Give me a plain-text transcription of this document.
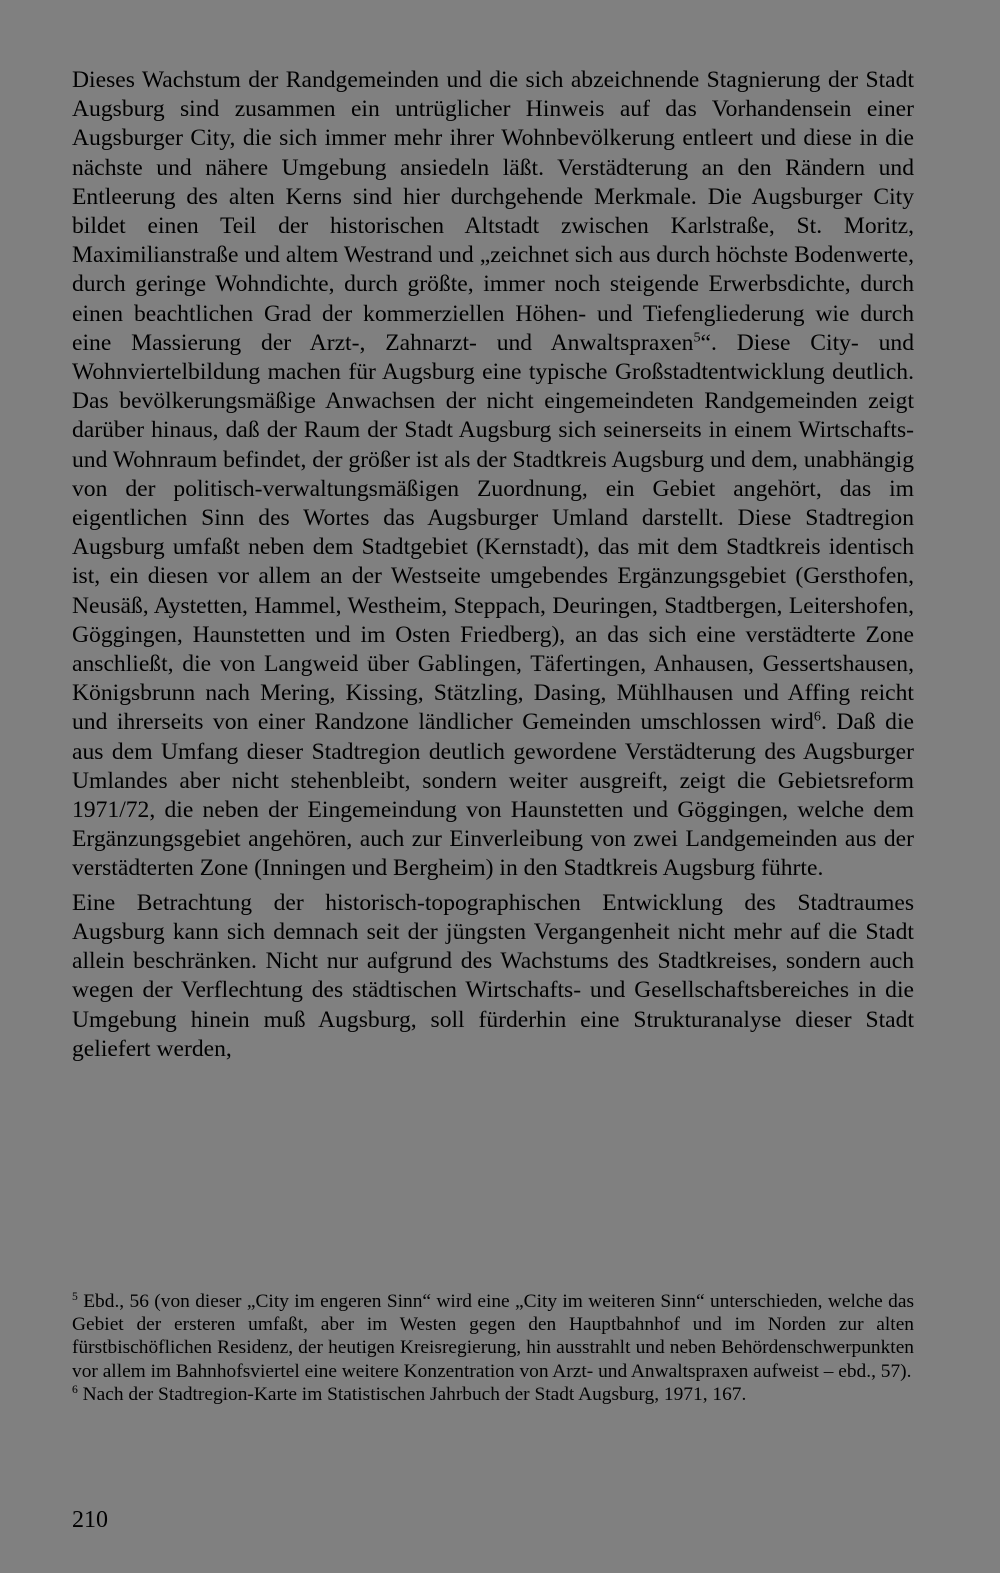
Dieses Wachstum der Randgemeinden und die sich abzeichnende Stagnierung der Stadt Augsburg sind zusammen ein untrüglicher Hinweis auf das Vorhandensein einer Augsburger City, die sich immer mehr ihrer Wohnbevölkerung entleert und diese in die nächste und nähere Umgebung ansiedeln läßt. Verstädterung an den Rändern und Entleerung des alten Kerns sind hier durchgehende Merkmale. Die Augsburger City bildet einen Teil der historischen Altstadt zwischen Karlstraße, St. Moritz, Maximilianstraße und altem Westrand und „zeichnet sich aus durch höchste Bodenwerte, durch geringe Wohndichte, durch größte, immer noch steigende Erwerbsdichte, durch einen beachtlichen Grad der kommerziellen Höhen- und Tiefengliederung wie durch eine Massierung der Arzt-, Zahnarzt- und Anwaltspraxen$^5$“. Diese City- und Wohnviertelbildung machen für Augsburg eine typische Großstadtentwicklung deutlich. Das bevölkerungsmäßige Anwachsen der nicht eingemeindeten Randgemeinden zeigt darüber hinaus, daß der Raum der Stadt Augsburg sich seinerseits in einem Wirtschafts- und Wohnraum befindet, der größer ist als der Stadtkreis Augsburg und dem, unabhängig von der politisch-verwaltungsmäßigen Zuordnung, ein Gebiet angehört, das im eigentlichen Sinn des Wortes das Augsburger Umland darstellt. Diese Stadtregion Augsburg umfaßt neben dem Stadtgebiet (Kernstadt), das mit dem Stadtkreis identisch ist, ein diesen vor allem an der Westseite umgebendes Ergänzungsgebiet (Gersthofen, Neusäß, Aystetten, Hammel, Westheim, Steppach, Deuringen, Stadtbergen, Leitershofen, Göggingen, Haunstetten und im Osten Friedberg), an das sich eine verstädterte Zone anschließt, die von Langweid über Gablingen, Täfertingen, Anhausen, Gessertshausen, Königsbrunn nach Mering, Kissing, Stätzling, Dasing, Mühlhausen und Affing reicht und ihrerseits von einer Randzone ländlicher Gemeinden umschlossen wird$^6$. Daß die aus dem Umfang dieser Stadtregion deutlich gewordene Verstädterung des Augsburger Umlandes aber nicht stehenbleibt, sondern weiter ausgreift, zeigt die Gebietsreform 1971/72, die neben der Eingemeindung von Haunstetten und Göggingen, welche dem Ergänzungsgebiet angehören, auch zur Einverleibung von zwei Landgemeinden aus der verstädterten Zone (Inningen und Bergheim) in den Stadtkreis Augsburg führte.

Eine Betrachtung der historisch-topographischen Entwicklung des Stadtraumes Augsburg kann sich demnach seit der jüngsten Vergangenheit nicht mehr auf die Stadt allein beschränken. Nicht nur aufgrund des Wachstums des Stadtkreises, sondern auch wegen der Verflechtung des städtischen Wirtschafts- und Gesellschaftsbereiches in die Umgebung hinein muß Augsburg, soll fürderhin eine Strukturanalyse dieser Stadt geliefert werden,

$^5$ Ebd., 56 (von dieser „City im engeren Sinn“ wird eine „City im weiteren Sinn“ unterschieden, welche das Gebiet der ersteren umfaßt, aber im Westen gegen den Hauptbahnhof und im Norden zur alten fürstbischöflichen Residenz, der heutigen Kreisregierung, hin ausstrahlt und neben Behördenschwerpunkten vor allem im Bahnhofsviertel eine weitere Konzentration von Arzt- und Anwaltspraxen aufweist – ebd., 57).

$^6$ Nach der Stadtregion-Karte im Statistischen Jahrbuch der Stadt Augsburg, 1971, 167.

210
